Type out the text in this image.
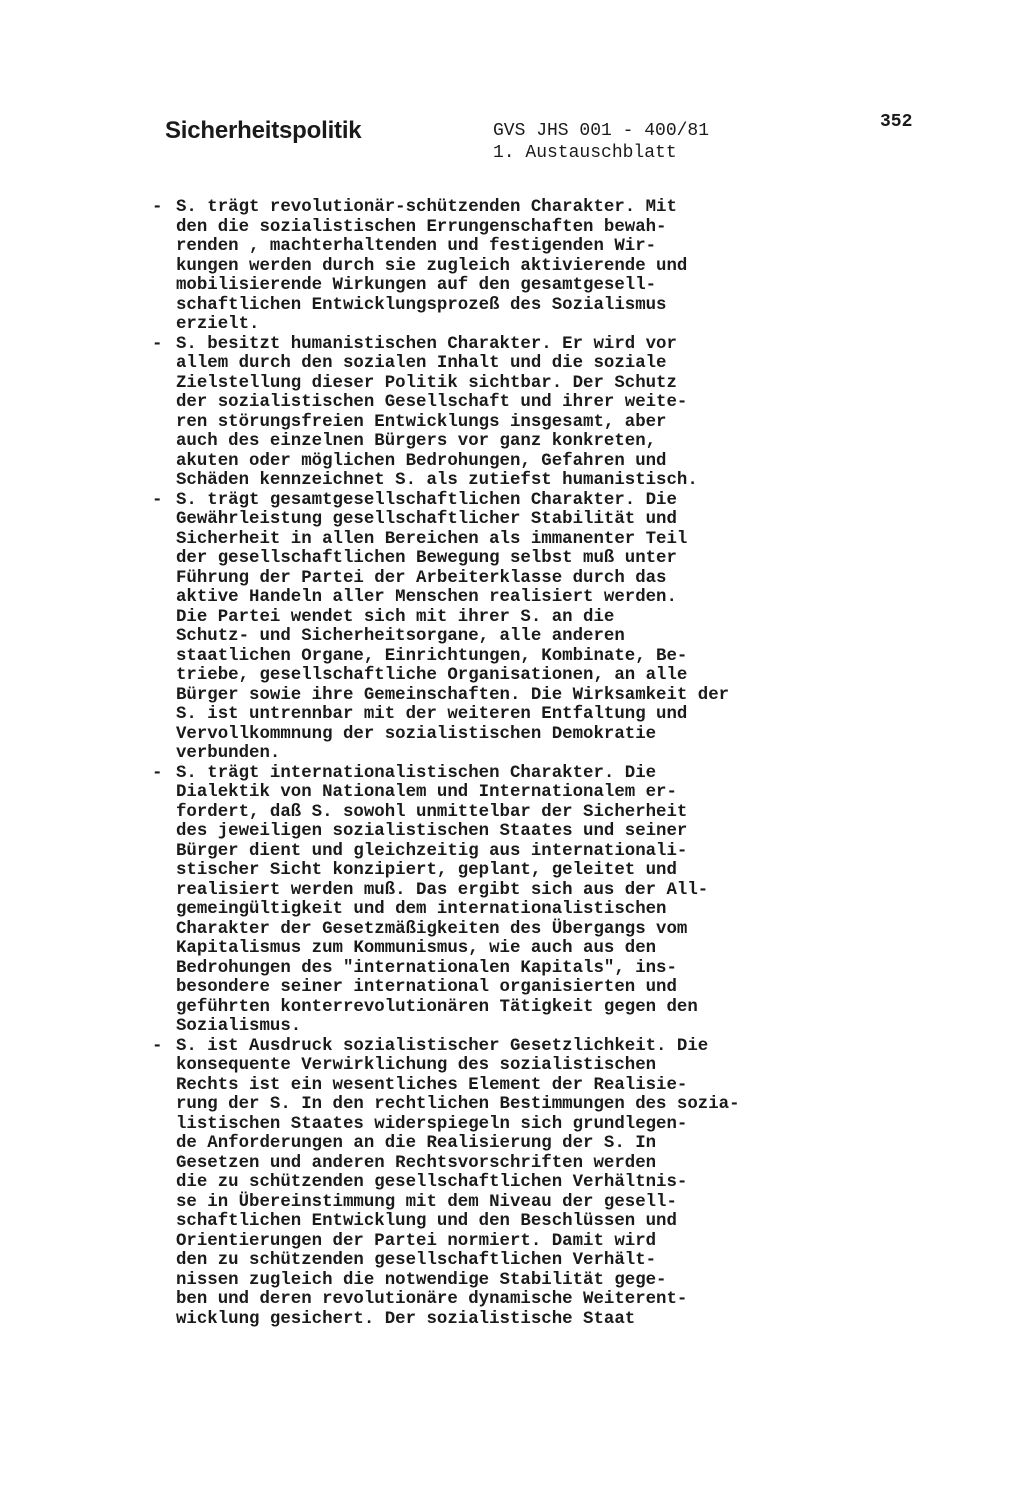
Sicherheitspolitik	GVS JHS 001 - 400/81
1. Austauschblatt
352
- S. trägt revolutionär-schützenden Charakter. Mit
den die sozialistischen Errungenschaften bewah-
renden , machterhaltenden und festigenden Wir-
kungen werden durch sie zugleich aktivierende und
mobilisierende Wirkungen auf den gesamtgesell-
schaftlichen Entwicklungsprozeß des Sozialismus
erzielt.
- S. besitzt humanistischen Charakter. Er wird vor
allem durch den sozialen Inhalt und die soziale
Zielstellung dieser Politik sichtbar. Der Schutz
der sozialistischen Gesellschaft und ihrer weite-
ren störungsfreien Entwicklungs insgesamt, aber
auch des einzelnen Bürgers vor ganz konkreten,
akuten oder möglichen Bedrohungen, Gefahren und
Schäden kennzeichnet S. als zutiefst humanistisch.
- S. trägt gesamtgesellschaftlichen Charakter. Die
Gewährleistung gesellschaftlicher Stabilität und
Sicherheit in allen Bereichen als immanenter Teil
der gesellschaftlichen Bewegung selbst muß unter
Führung der Partei der Arbeiterklasse durch das
aktive Handeln aller Menschen realisiert werden.
Die Partei wendet sich mit ihrer S. an die
Schutz- und Sicherheitsorgane, alle anderen
staatlichen Organe, Einrichtungen, Kombinate, Be-
triebe, gesellschaftliche Organisationen, an alle
Bürger sowie ihre Gemeinschaften. Die Wirksamkeit der
S. ist untrennbar mit der weiteren Entfaltung und
Vervollkommnung der sozialistischen Demokratie
verbunden.
- S. trägt internationalistischen Charakter. Die
Dialektik von Nationalem und Internationalem er-
fordert, daß S. sowohl unmittelbar der Sicherheit
des jeweiligen sozialistischen Staates und seiner
Bürger dient und gleichzeitig aus internationali-
stischer Sicht konzipiert, geplant, geleitet und
realisiert werden muß. Das ergibt sich aus der All-
gemeingültigkeit und dem internationalistischen
Charakter der Gesetzmäßigkeiten des Übergangs vom
Kapitalismus zum Kommunismus, wie auch aus den
Bedrohungen des "internationalen Kapitals", ins-
besondere seiner international organisierten und
geführten konterrevolutionären Tätigkeit gegen den
Sozialismus.
- S. ist Ausdruck sozialistischer Gesetzlichkeit. Die
konsequente Verwirklichung des sozialistischen
Rechts ist ein wesentliches Element der Realisie-
rung der S. In den rechtlichen Bestimmungen des sozia-
listischen Staates widerspiegeln sich grundlegen-
de Anforderungen an die Realisierung der S. In
Gesetzen und anderen Rechtsvorschriften werden
die zu schützenden gesellschaftlichen Verhältnis-
se in Übereinstimmung mit dem Niveau der gesell-
schaftlichen Entwicklung und den Beschlüssen und
Orientierungen der Partei normiert. Damit wird
den zu schützenden gesellschaftlichen Verhält-
nissen zugleich die notwendige Stabilität gege-
ben und deren revolutionäre dynamische Weiterent-
wicklung gesichert. Der sozialistische Staat
